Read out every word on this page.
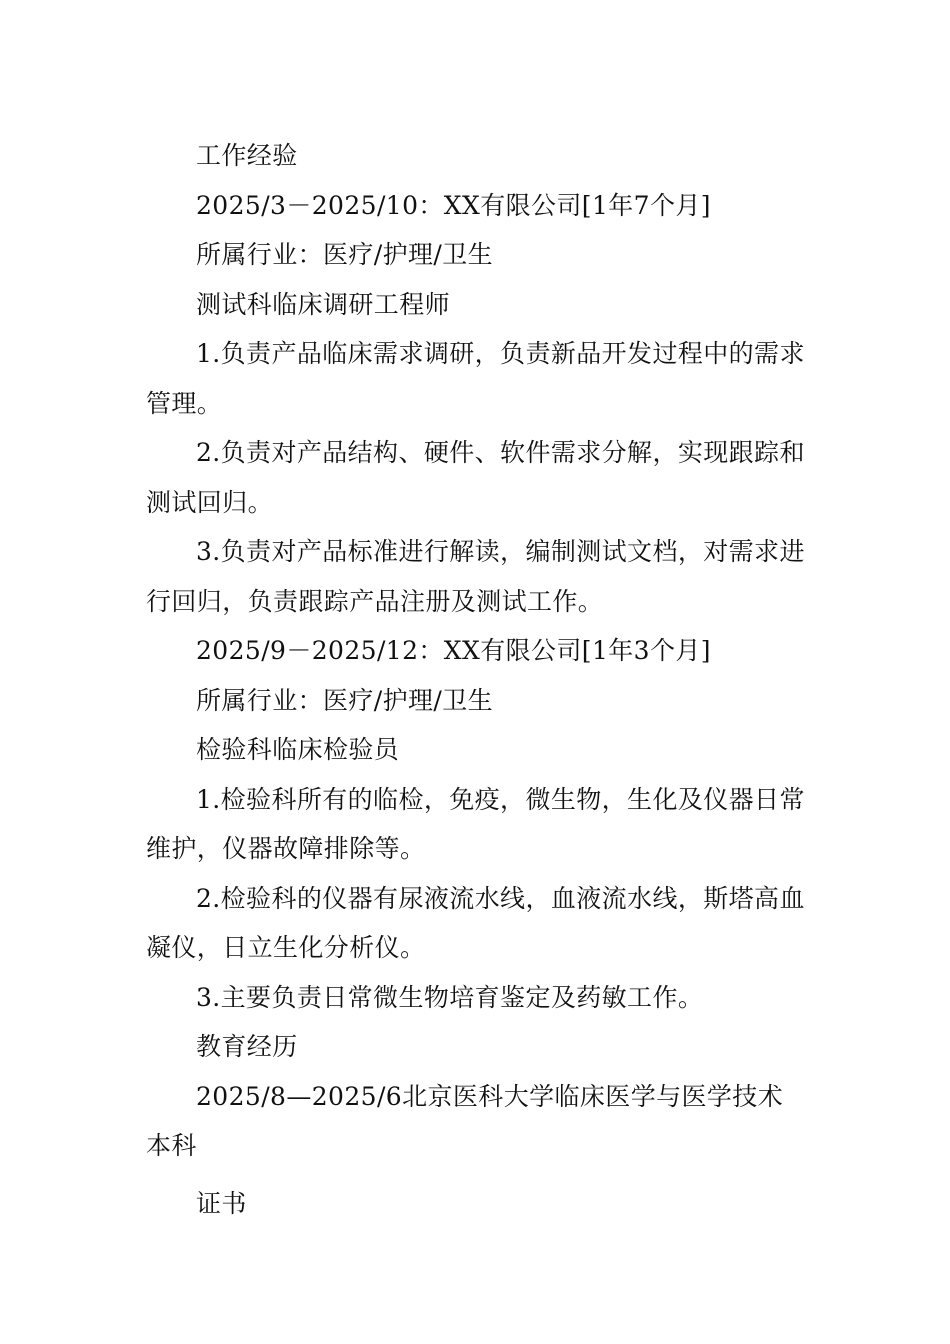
工作经验

2025/3－2025/10：XX有限公司[1年7个月]

所属行业：医疗/护理/卫生

测试科临床调研工程师

1.负责产品临床需求调研，负责新品开发过程中的需求管理。

2.负责对产品结构、硬件、软件需求分解，实现跟踪和测试回归。

3.负责对产品标准进行解读，编制测试文档，对需求进行回归，负责跟踪产品注册及测试工作。

2025/9－2025/12：XX有限公司[1年3个月]

所属行业：医疗/护理/卫生

检验科临床检验员

1.检验科所有的临检，免疫，微生物，生化及仪器日常维护，仪器故障排除等。

2.检验科的仪器有尿液流水线，血液流水线，斯塔高血凝仪，日立生化分析仪。

3.主要负责日常微生物培育鉴定及药敏工作。

教育经历

2025/8—2025/6北京医科大学临床医学与医学技术本科

证书
